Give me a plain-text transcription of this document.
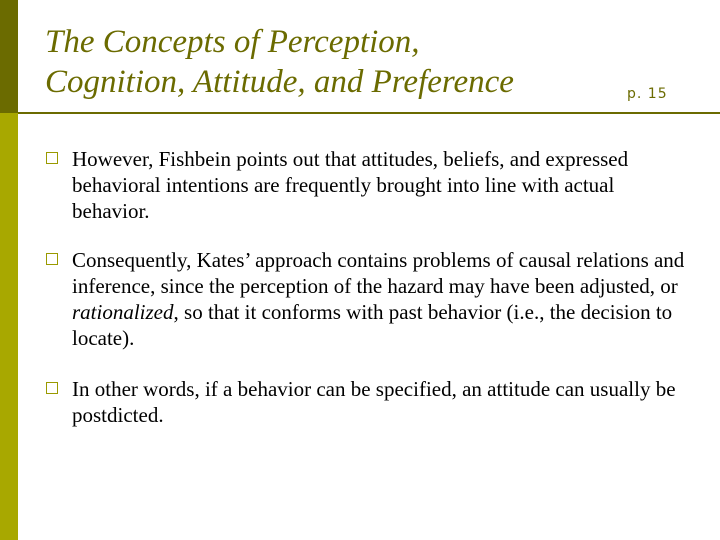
The Concepts of Perception,
Cognition, Attitude, and Preference	p. 15

However, Fishbein points out that attitudes, beliefs, and expressed behavioral intentions are frequently brought into line with actual behavior.

Consequently, Kates’ approach contains problems of causal relations and inference, since the perception of the hazard may have been adjusted, or rationalized, so that it conforms with past behavior (i.e., the decision to locate).

In other words, if a behavior can be specified, an attitude can usually be postdicted.
